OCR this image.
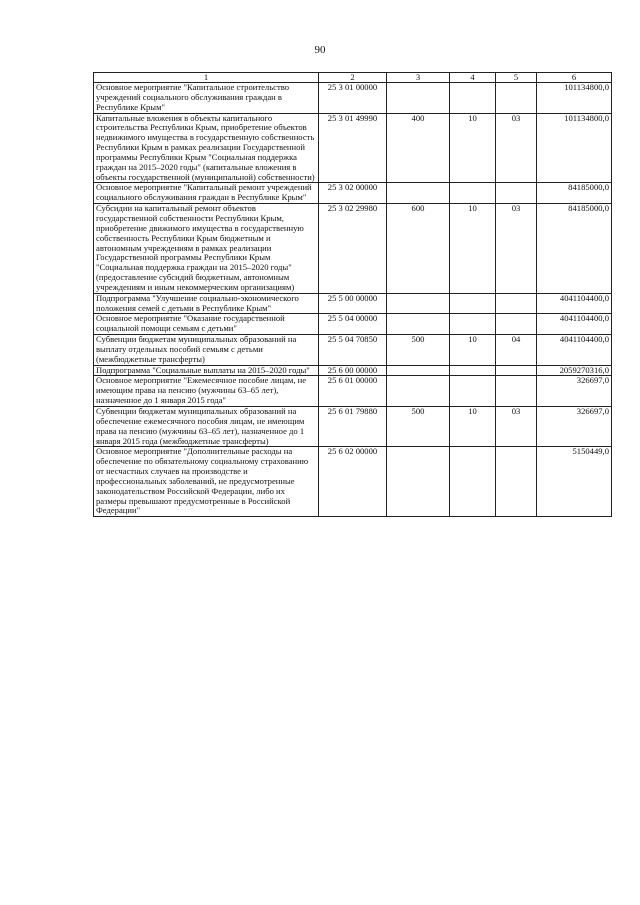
90
1	2	3	4	5	6
Основное мероприятие "Капитальное строительство учреждений социального обслуживания граждан в Республике Крым"	25 3 01 00000				101134800,0
Капитальные вложения в объекты капитального строительства Республики Крым, приобретение объектов недвижимого имущества в государственную собственность Республики Крым в рамках реализации Государственной программы Республики Крым "Социальная поддержка граждан на 2015–2020 годы" (капитальные вложения в объекты государственной (муниципальной) собственности)	25 3 01 49990	400	10	03	101134800,0
Основное мероприятие "Капитальный ремонт учреждений социального обслуживания граждан в Республике Крым"	25 3 02 00000				84185000,0
Субсидии на капитальный ремонт объектов государственной собственности Республики Крым, приобретение движимого имущества в государственную собственность Республики Крым бюджетным и автономным учреждениям в рамках реализации Государственной программы Республики Крым "Социальная поддержка граждан на 2015–2020 годы" (предоставление субсидий бюджетным, автономным учреждениям и иным некоммерческим организациям)	25 3 02 29980	600	10	03	84185000,0
Подпрограмма "Улучшение социально-экономического положения семей с детьми в Республике Крым"	25 5 00 00000				4041104400,0
Основное мероприятие "Оказание государственной социальной помощи семьям с детьми"	25 5 04 00000				4041104400,0
Субвенции бюджетам муниципальных образований на выплату отдельных пособий семьям с детьми (межбюджетные трансферты)	25 5 04 70850	500	10	04	4041104400,0
Подпрограмма "Социальные выплаты на 2015–2020 годы"	25 6 00 00000				2059270316,0
Основное мероприятие "Ежемесячное пособие лицам, не имеющим права на пенсию (мужчины 63–65 лет), назначенное до 1 января 2015 года"	25 6 01 00000				326697,0
Субвенции бюджетам муниципальных образований на обеспечение ежемесячного пособия лицам, не имеющим права на пенсию (мужчины 63–65 лет), назначенное до 1 января 2015 года (межбюджетные трансферты)	25 6 01 79880	500	10	03	326697,0
Основное мероприятие "Дополнительные расходы на обеспечение по обязательному социальному страхованию от несчастных случаев на производстве и профессиональных заболеваний, не предусмотренные законодательством Российской Федерации, либо их размеры превышают предусмотренные в Российской Федерации"	25 6 02 00000				5150449,0
